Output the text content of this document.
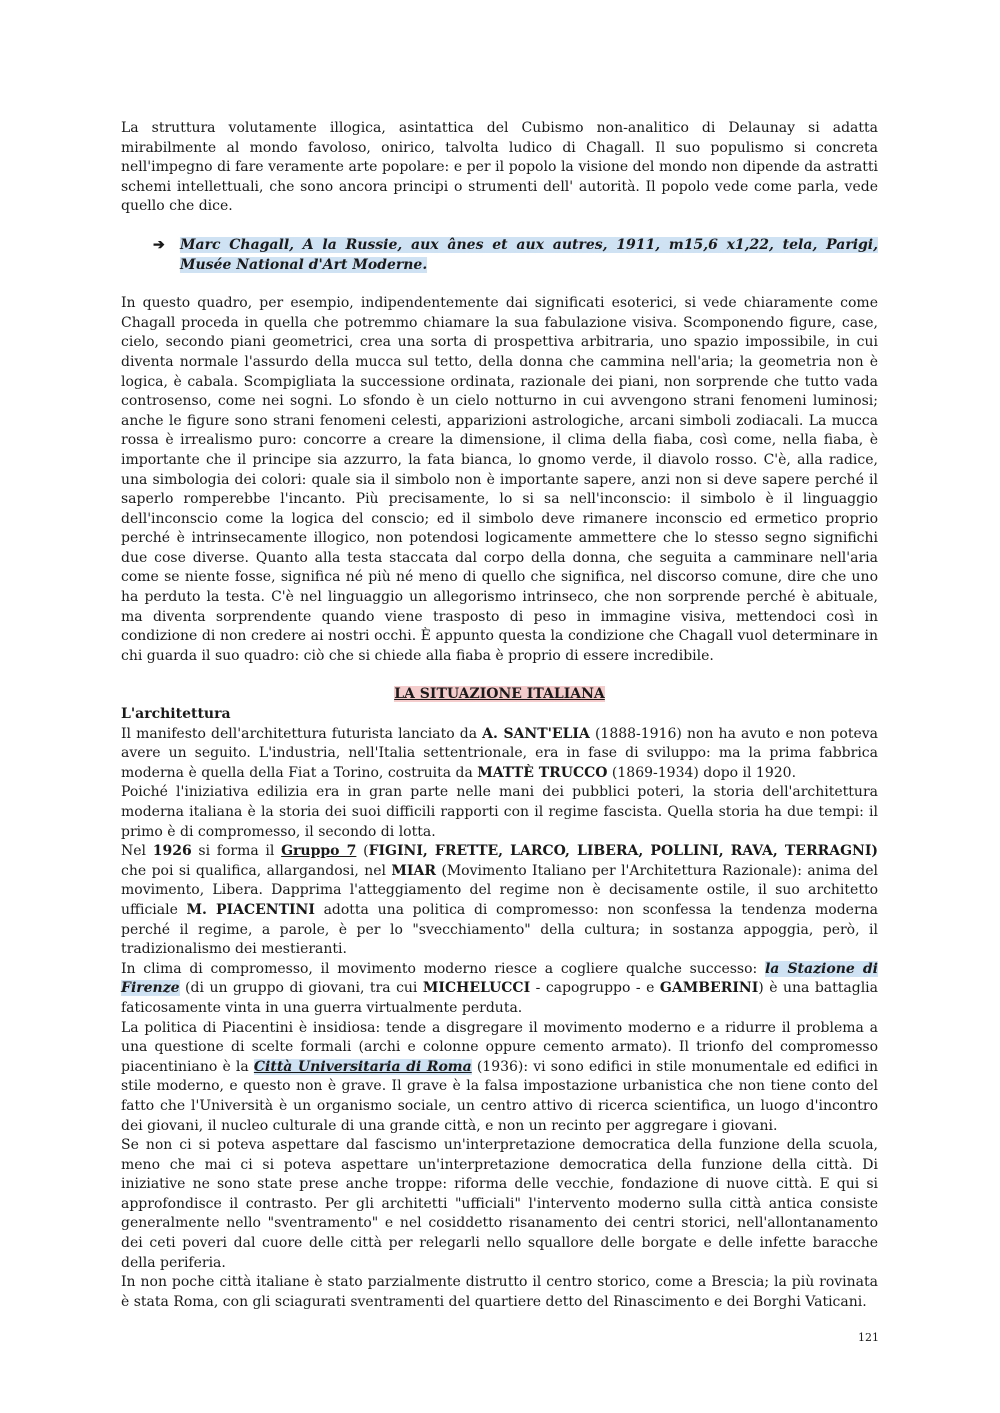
La struttura volutamente illogica, asintattica del Cubismo non-analitico di Delaunay si adatta mirabilmente al mondo favoloso, onirico, talvolta ludico di Chagall. Il suo populismo si concreta nell'impegno di fare veramente arte popolare: e per il popolo la visione del mondo non dipende da astratti schemi intellettuali, che sono ancora principi o strumenti dell' autorità. Il popolo vede come parla, vede quello che dice.

➔	Marc Chagall, A la Russie, aux ânes et aux autres, 1911, m15,6 x1,22, tela, Parigi, Musée National d'Art Moderne.

In questo quadro, per esempio, indipendentemente dai significati esoterici, si vede chiaramente come Chagall proceda in quella che potremmo chiamare la sua fabulazione visiva. Scomponendo figure, case, cielo, secondo piani geometrici, crea una sorta di prospettiva arbitraria, uno spazio impossibile, in cui diventa normale l'assurdo della mucca sul tetto, della donna che cammina nell'aria; la geometria non è logica, è cabala. Scompigliata la successione ordinata, razionale dei piani, non sorprende che tutto vada controsenso, come nei sogni. Lo sfondo è un cielo notturno in cui avvengono strani fenomeni luminosi; anche le figure sono strani fenomeni celesti, apparizioni astrologiche, arcani simboli zodiacali. La mucca rossa è irrealismo puro: concorre a creare la dimensione, il clima della fiaba, così come, nella fiaba, è importante che il principe sia azzurro, la fata bianca, lo gnomo verde, il diavolo rosso. C'è, alla radice, una simbologia dei colori: quale sia il simbolo non è importante sapere, anzi non si deve sapere perché il saperlo romperebbe l'incanto. Più precisamente, lo si sa nell'inconscio: il simbolo è il linguaggio dell'inconscio come la logica del conscio; ed il simbolo deve rimanere inconscio ed ermetico proprio perché è intrinsecamente illogico, non potendosi logicamente ammettere che lo stesso segno significhi due cose diverse. Quanto alla testa staccata dal corpo della donna, che seguita a camminare nell'aria come se niente fosse, significa né più né meno di quello che significa, nel discorso comune, dire che uno ha perduto la testa. C'è nel linguaggio un allegorismo intrinseco, che non sorprende perché è abituale, ma diventa sorprendente quando viene trasposto di peso in immagine visiva, mettendoci così in condizione di non credere ai nostri occhi. È appunto questa la condizione che Chagall vuol determinare in chi guarda il suo quadro: ciò che si chiede alla fiaba è proprio di essere incredibile.

LA SITUAZIONE ITALIANA

L'architettura

Il manifesto dell'architettura futurista lanciato da A. SANT'ELIA (1888-1916) non ha avuto e non poteva avere un seguito. L'industria, nell'Italia settentrionale, era in fase di sviluppo: ma la prima fabbrica moderna è quella della Fiat a Torino, costruita da MATTÈ TRUCCO (1869-1934) dopo il 1920.

Poiché l'iniziativa edilizia era in gran parte nelle mani dei pubblici poteri, la storia dell'architettura moderna italiana è la storia dei suoi difficili rapporti con il regime fascista. Quella storia ha due tempi: il primo è di compromesso, il secondo di lotta.

Nel 1926 si forma il Gruppo 7 (FIGINI, FRETTE, LARCO, LIBERA, POLLINI, RAVA, TERRAGNI) che poi si qualifica, allargandosi, nel MIAR (Movimento Italiano per l'Architettura Razionale): anima del movimento, Libera. Dapprima l'atteggiamento del regime non è decisamente ostile, il suo architetto ufficiale M. PIACENTINI adotta una politica di compromesso: non sconfessa la tendenza moderna perché il regime, a parole, è per lo "svecchiamento" della cultura; in sostanza appoggia, però, il tradizionalismo dei mestieranti.

In clima di compromesso, il movimento moderno riesce a cogliere qualche successo: la Stazione di Firenze (di un gruppo di giovani, tra cui MICHELUCCI - capogruppo - e GAMBERINI) è una battaglia faticosamente vinta in una guerra virtualmente perduta.

La politica di Piacentini è insidiosa: tende a disgregare il movimento moderno e a ridurre il problema a una questione di scelte formali (archi e colonne oppure cemento armato). Il trionfo del compromesso piacentiniano è la Città Universitaria di Roma (1936): vi sono edifici in stile monumentale ed edifici in stile moderno, e questo non è grave. Il grave è la falsa impostazione urbanistica che non tiene conto del fatto che l'Università è un organismo sociale, un centro attivo di ricerca scientifica, un luogo d'incontro dei giovani, il nucleo culturale di una grande città, e non un recinto per aggregare i giovani.

Se non ci si poteva aspettare dal fascismo un'interpretazione democratica della funzione della scuola, meno che mai ci si poteva aspettare un'interpretazione democratica della funzione della città. Di iniziative ne sono state prese anche troppe: riforma delle vecchie, fondazione di nuove città. E qui si approfondisce il contrasto. Per gli architetti "ufficiali" l'intervento moderno sulla città antica consiste generalmente nello "sventramento" e nel cosiddetto risanamento dei centri storici, nell'allontanamento dei ceti poveri dal cuore delle città per relegarli nello squallore delle borgate e delle infette baracche della periferia.

In non poche città italiane è stato parzialmente distrutto il centro storico, come a Brescia; la più rovinata è stata Roma, con gli sciagurati sventramenti del quartiere detto del Rinascimento e dei Borghi Vaticani.

121
